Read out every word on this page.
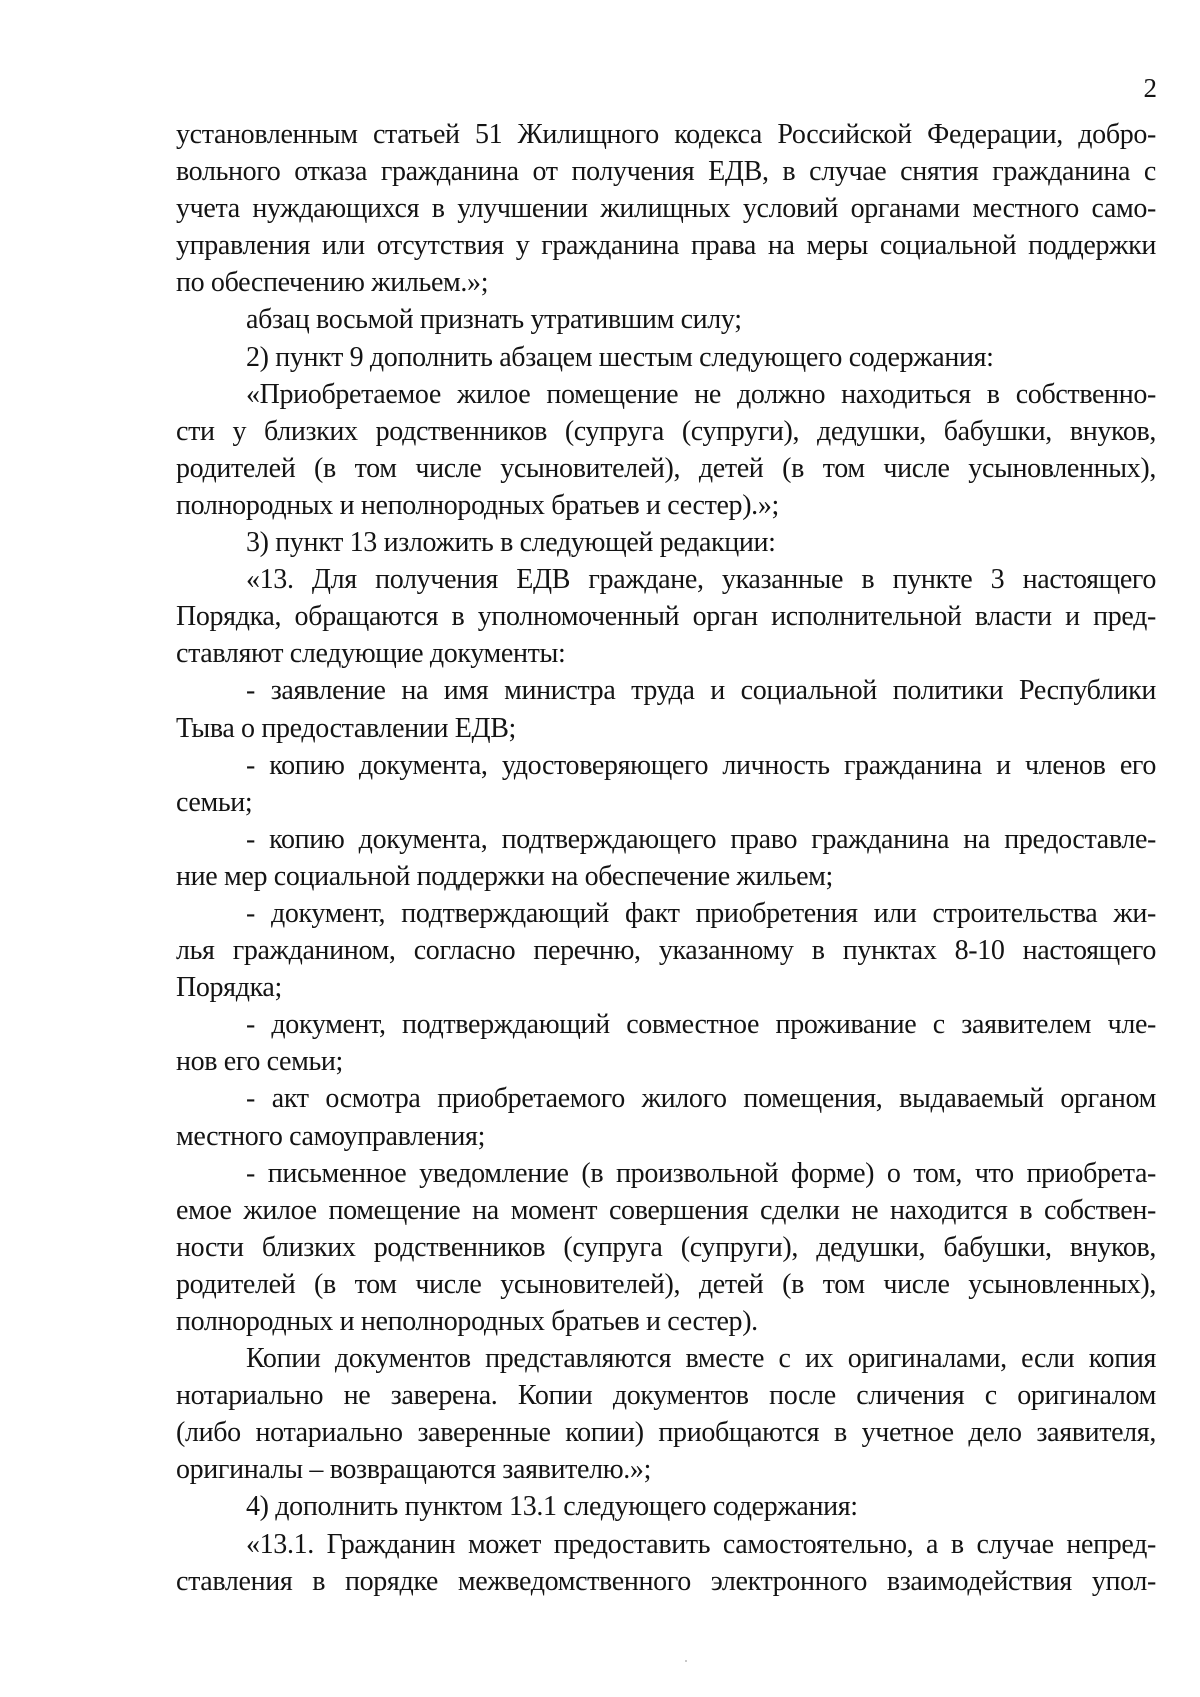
2

установленным статьей 51 Жилищного кодекса Российской Федерации, добро-
вольного отказа гражданина от получения ЕДВ, в случае снятия гражданина с
учета нуждающихся в улучшении жилищных условий органами местного само-
управления или отсутствия у гражданина права на меры социальной поддержки
по обеспечению жильем.»;

абзац восьмой признать утратившим силу;

2) пункт 9 дополнить абзацем шестым следующего содержания:

«Приобретаемое жилое помещение не должно находиться в собственно-
сти у близких родственников (супруга (супруги), дедушки, бабушки, внуков,
родителей (в том числе усыновителей), детей (в том числе усыновленных),
полнородных и неполнородных братьев и сестер).»;

3) пункт 13 изложить в следующей редакции:

«13. Для получения ЕДВ граждане, указанные в пункте 3 настоящего
Порядка, обращаются в уполномоченный орган исполнительной власти и пред-
ставляют следующие документы:

- заявление на имя министра труда и социальной политики Республики
Тыва о предоставлении ЕДВ;

- копию документа, удостоверяющего личность гражданина и членов его
семьи;

- копию документа, подтверждающего право гражданина на предоставле-
ние мер социальной поддержки на обеспечение жильем;

- документ, подтверждающий факт приобретения или строительства жи-
лья гражданином, согласно перечню, указанному в пунктах 8-10 настоящего
Порядка;

- документ, подтверждающий совместное проживание с заявителем чле-
нов его семьи;

- акт осмотра приобретаемого жилого помещения, выдаваемый органом
местного самоуправления;

- письменное уведомление (в произвольной форме) о том, что приобрета-
емое жилое помещение на момент совершения сделки не находится в собствен-
ности близких родственников (супруга (супруги), дедушки, бабушки, внуков,
родителей (в том числе усыновителей), детей (в том числе усыновленных),
полнородных и неполнородных братьев и сестер).

Копии документов представляются вместе с их оригиналами, если копия
нотариально не заверена. Копии документов после сличения с оригиналом
(либо нотариально заверенные копии) приобщаются в учетное дело заявителя,
оригиналы – возвращаются заявителю.»;

4) дополнить пунктом 13.1 следующего содержания:

«13.1. Гражданин может предоставить самостоятельно, а в случае непред-
ставления в порядке межведомственного электронного взаимодействия упол-
